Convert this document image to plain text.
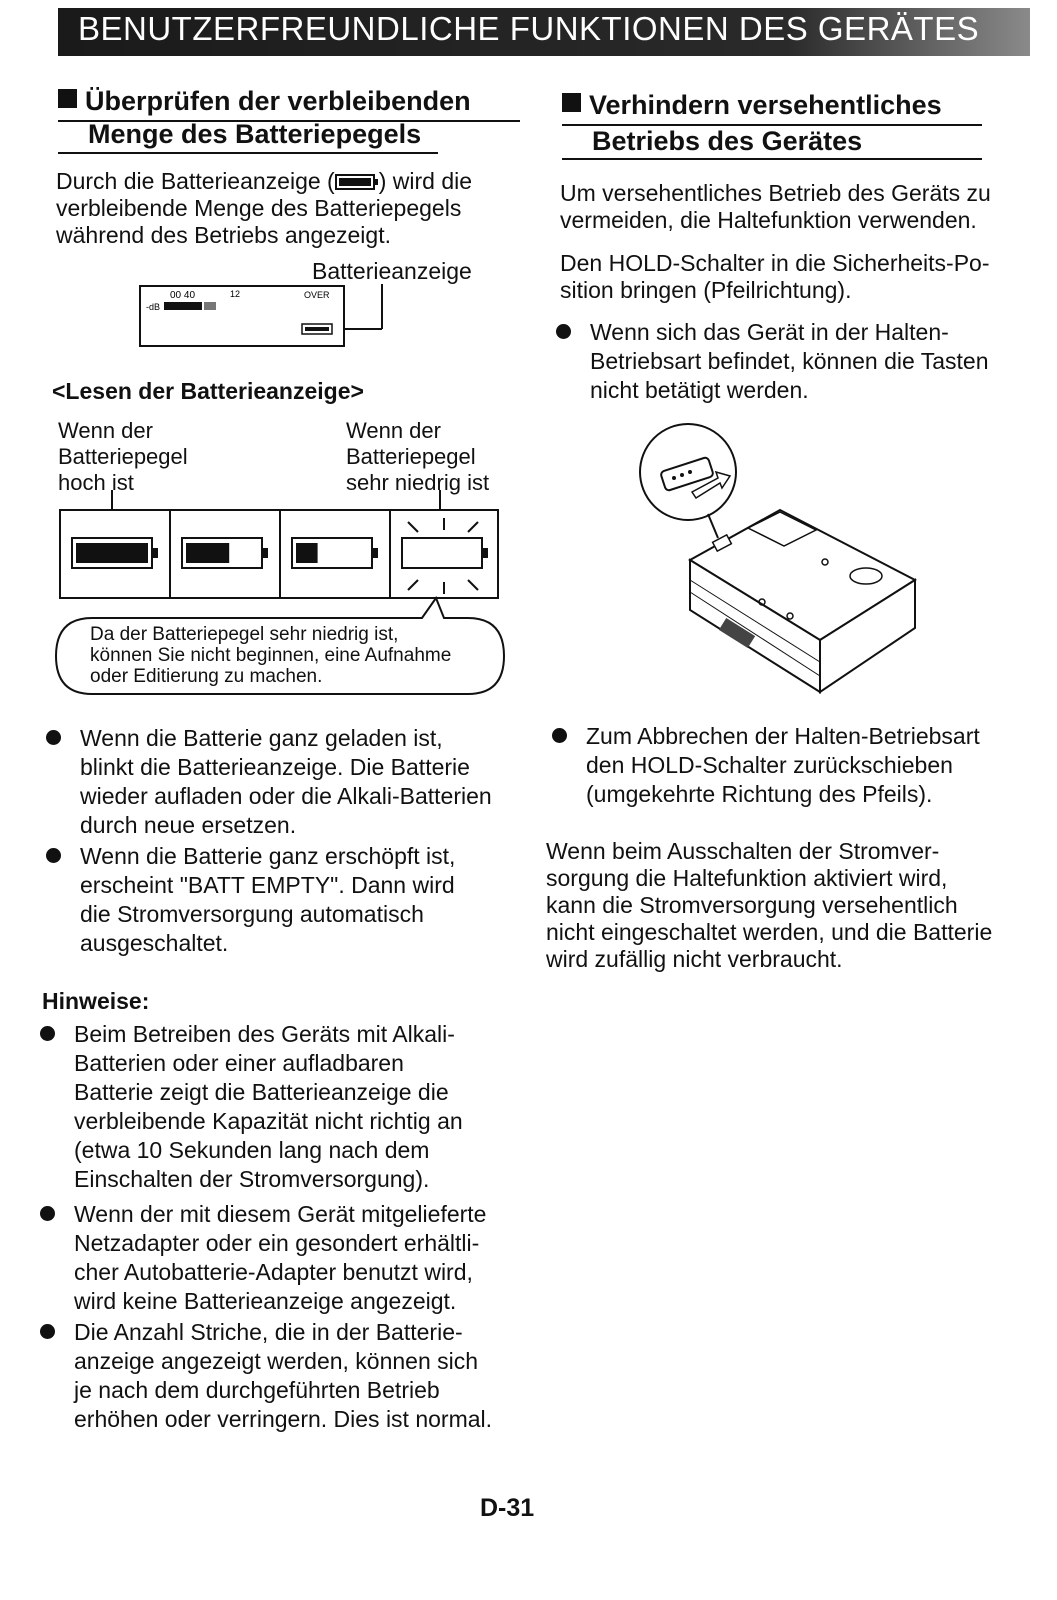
BENUTZERFREUNDLICHE FUNKTIONEN DES GERÄTES
Überprüfen der verbleibenden
Menge des Batteriepegels
Durch die Batterieanzeige ( ) wird die
verbleibende Menge des Batteriepegels
während des Betriebs angezeigt.
Batterieanzeige
00 40
-dB
12	OVER
<Lesen der Batterieanzeige>
Wenn der
Batteriepegel
hoch ist
Wenn der
Batteriepegel
sehr niedrig ist
Da der Batteriepegel sehr niedrig ist,
können Sie nicht beginnen, eine Aufnahme
oder Editierung zu machen.
Wenn die Batterie ganz geladen ist,
blinkt die Batterieanzeige. Die Batterie
wieder aufladen oder die Alkali-Batterien
durch neue ersetzen.
Wenn die Batterie ganz erschöpft ist,
erscheint "BATT EMPTY". Dann wird
die Stromversorgung automatisch
ausgeschaltet.
Hinweise:
Beim Betreiben des Geräts mit Alkali-
Batterien oder einer aufladbaren
Batterie zeigt die Batterieanzeige die
verbleibende Kapazität nicht richtig an
(etwa 10 Sekunden lang nach dem
Einschalten der Stromversorgung).
Wenn der mit diesem Gerät mitgelieferte
Netzadapter oder ein gesondert erhältli-
cher Autobatterie-Adapter benutzt wird,
wird keine Batterieanzeige angezeigt.
Die Anzahl Striche, die in der Batterie-
anzeige angezeigt werden, können sich
je nach dem durchgeführten Betrieb
erhöhen oder verringern. Dies ist normal.
Verhindern versehentliches
Betriebs des Gerätes
Um versehentliches Betrieb des Geräts zu
vermeiden, die Haltefunktion verwenden.
Den HOLD-Schalter in die Sicherheits-Po-
sition bringen (Pfeilrichtung).
Wenn sich das Gerät in der Halten-
Betriebsart befindet, können die Tasten
nicht betätigt werden.
Zum Abbrechen der Halten-Betriebsart
den HOLD-Schalter zurückschieben
(umgekehrte Richtung des Pfeils).
Wenn beim Ausschalten der Stromver-
sorgung die Haltefunktion aktiviert wird,
kann die Stromversorgung versehentlich
nicht eingeschaltet werden, und die Batterie
wird zufällig nicht verbraucht.
D-31
